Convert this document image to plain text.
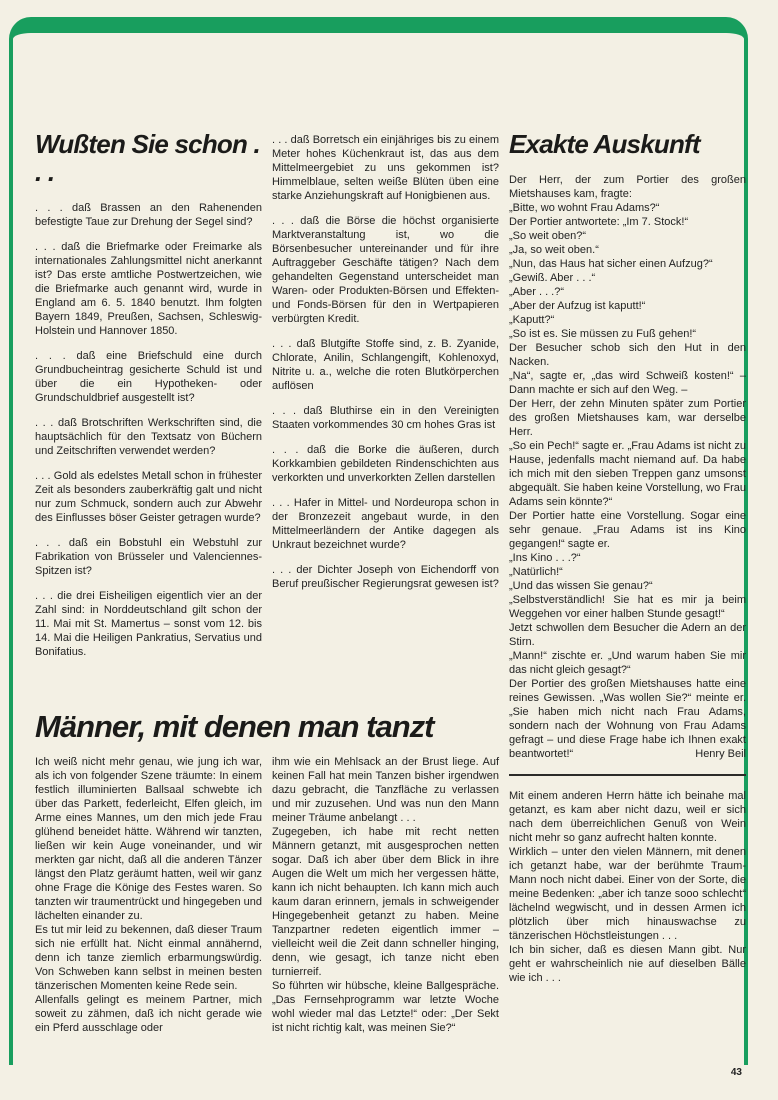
Wußten Sie schon . . .

. . . daß Brassen an den Rahenenden befestigte Taue zur Drehung der Segel sind?

. . . daß die Briefmarke oder Freimarke als internationales Zahlungsmittel nicht anerkannt ist? Das erste amtliche Postwertzeichen, wie die Briefmarke auch genannt wird, wurde in England am 6. 5. 1840 benutzt. Ihm folgten Bayern 1849, Preußen, Sachsen, Schleswig-Holstein und Hannover 1850.

. . . daß eine Briefschuld eine durch Grundbucheintrag gesicherte Schuld ist und über die ein Hypotheken- oder Grundschuldbrief ausgestellt ist?

. . . daß Brotschriften Werkschriften sind, die hauptsächlich für den Textsatz von Büchern und Zeitschriften verwendet werden?

. . . Gold als edelstes Metall schon in frühester Zeit als besonders zauberkräftig galt und nicht nur zum Schmuck, sondern auch zur Abwehr des Einflusses böser Geister getragen wurde?

. . . daß ein Bobstuhl ein Webstuhl zur Fabrikation von Brüsseler und Valenciennes-Spitzen ist?

. . . die drei Eisheiligen eigentlich vier an der Zahl sind: in Norddeutschland gilt schon der 11. Mai mit St. Mamertus – sonst vom 12. bis 14. Mai die Heiligen Pankratius, Servatius und Bonifatius.

. . . daß Borretsch ein einjähriges bis zu einem Meter hohes Küchenkraut ist, das aus dem Mittelmeergebiet zu uns gekommen ist? Himmelblaue, selten weiße Blüten üben eine starke Anziehungskraft auf Honigbienen aus.

. . . daß die Börse die höchst organisierte Marktveranstaltung ist, wo die Börsenbesucher untereinander und für ihre Auftraggeber Geschäfte tätigen? Nach dem gehandelten Gegenstand unterscheidet man Waren- oder Produkten-Börsen und Effekten- und Fonds-Börsen für den in Wertpapieren verbürgten Kredit.

. . . daß Blutgifte Stoffe sind, z. B. Zyanide, Chlorate, Anilin, Schlangengift, Kohlenoxyd, Nitrite u. a., welche die roten Blutkörperchen auflösen

. . . daß Bluthirse ein in den Vereinigten Staaten vorkommendes 30 cm hohes Gras ist

. . . daß die Borke die äußeren, durch Korkkambien gebildeten Rindenschichten aus verkorkten und unverkorkten Zellen darstellen

. . . Hafer in Mittel- und Nordeuropa schon in der Bronzezeit angebaut wurde, in den Mittelmeerländern der Antike dagegen als Unkraut bezeichnet wurde?

. . . der Dichter Joseph von Eichendorff von Beruf preußischer Regierungsrat gewesen ist?

Männer, mit denen man tanzt

Ich weiß nicht mehr genau, wie jung ich war, als ich von folgender Szene träumte: In einem festlich illuminierten Ballsaal schwebte ich über das Parkett, federleicht, Elfen gleich, im Arme eines Mannes, um den mich jede Frau glühend beneidet hätte. Während wir tanzten, ließen wir kein Auge voneinander, und wir merkten gar nicht, daß all die anderen Tänzer längst den Platz geräumt hatten, weil wir ganz ohne Frage die Könige des Festes waren. So tanzten wir traumentrückt und hingegeben und lächelten einander zu.

Es tut mir leid zu bekennen, daß dieser Traum sich nie erfüllt hat. Nicht einmal annähernd, denn ich tanze ziemlich erbarmungswürdig. Von Schweben kann selbst in meinen besten tänzerischen Momenten keine Rede sein.

Allenfalls gelingt es meinem Partner, mich soweit zu zähmen, daß ich nicht gerade wie ein Pferd ausschlage oder

ihm wie ein Mehlsack an der Brust liege. Auf keinen Fall hat mein Tanzen bisher irgendwen dazu gebracht, die Tanzfläche zu verlassen und mir zuzusehen. Und was nun den Mann meiner Träume anbelangt . . .

Zugegeben, ich habe mit recht netten Männern getanzt, mit ausgesprochen netten sogar. Daß ich aber über dem Blick in ihre Augen die Welt um mich her vergessen hätte, kann ich nicht behaupten. Ich kann mich auch kaum daran erinnern, jemals in schweigender Hingegebenheit getanzt zu haben. Meine Tanzpartner redeten eigentlich immer – vielleicht weil die Zeit dann schneller hinging, denn, wie gesagt, ich tanze nicht eben turnierreif.

So führten wir hübsche, kleine Ballgespräche. „Das Fernsehprogramm war letzte Woche wohl wieder mal das Letzte!“ oder: „Der Sekt ist nicht richtig kalt, was meinen Sie?“

Exakte Auskunft

Der Herr, der zum Portier des großen Mietshauses kam, fragte:

„Bitte, wo wohnt Frau Adams?“

Der Portier antwortete: „Im 7. Stock!“

„So weit oben?“

„Ja, so weit oben.“

„Nun, das Haus hat sicher einen Aufzug?“

„Gewiß. Aber . . .“

„Aber . . .?“

„Aber der Aufzug ist kaputt!“

„Kaputt?“

„So ist es. Sie müssen zu Fuß gehen!“

Der Besucher schob sich den Hut in den Nacken.

„Na“, sagte er, „das wird Schweiß kosten!“ – Dann machte er sich auf den Weg. –

Der Herr, der zehn Minuten später zum Portier des großen Mietshauses kam, war derselbe Herr.

„So ein Pech!“ sagte er. „Frau Adams ist nicht zu Hause, jedenfalls macht niemand auf. Da habe ich mich mit den sieben Treppen ganz umsonst abgequält. Sie haben keine Vorstellung, wo Frau Adams sein könnte?“

Der Portier hatte eine Vorstellung. Sogar eine sehr genaue. „Frau Adams ist ins Kino gegangen!“ sagte er.

„Ins Kino . . .?“

„Natürlich!“

„Und das wissen Sie genau?“

„Selbstverständlich! Sie hat es mir ja beim Weggehen vor einer halben Stunde gesagt!“

Jetzt schwollen dem Besucher die Adern an der Stirn.

„Mann!“ zischte er. „Und warum haben Sie mir das nicht gleich gesagt?“

Der Portier des großen Mietshauses hatte eine reines Gewissen. „Was wollen Sie?“ meinte er. „Sie haben mich nicht nach Frau Adams, sondern nach der Wohnung von Frau Adams gefragt – und diese Frage habe ich Ihnen exakt beantwortet!“	Henry Beil

Mit einem anderen Herrn hätte ich beinahe mal getanzt, es kam aber nicht dazu, weil er sich nach dem überreichlichen Genuß von Wein nicht mehr so ganz aufrecht halten konnte.

Wirklich – unter den vielen Männern, mit denen ich getanzt habe, war der berühmte Traum-Mann noch nicht dabei. Einer von der Sorte, die meine Bedenken: „aber ich tanze sooo schlecht“ lächelnd wegwischt, und in dessen Armen ich plötzlich über mich hinauswachse zu tänzerischen Höchstleistungen . . .

Ich bin sicher, daß es diesen Mann gibt. Nur geht er wahrscheinlich nie auf dieselben Bälle wie ich . . .

43
